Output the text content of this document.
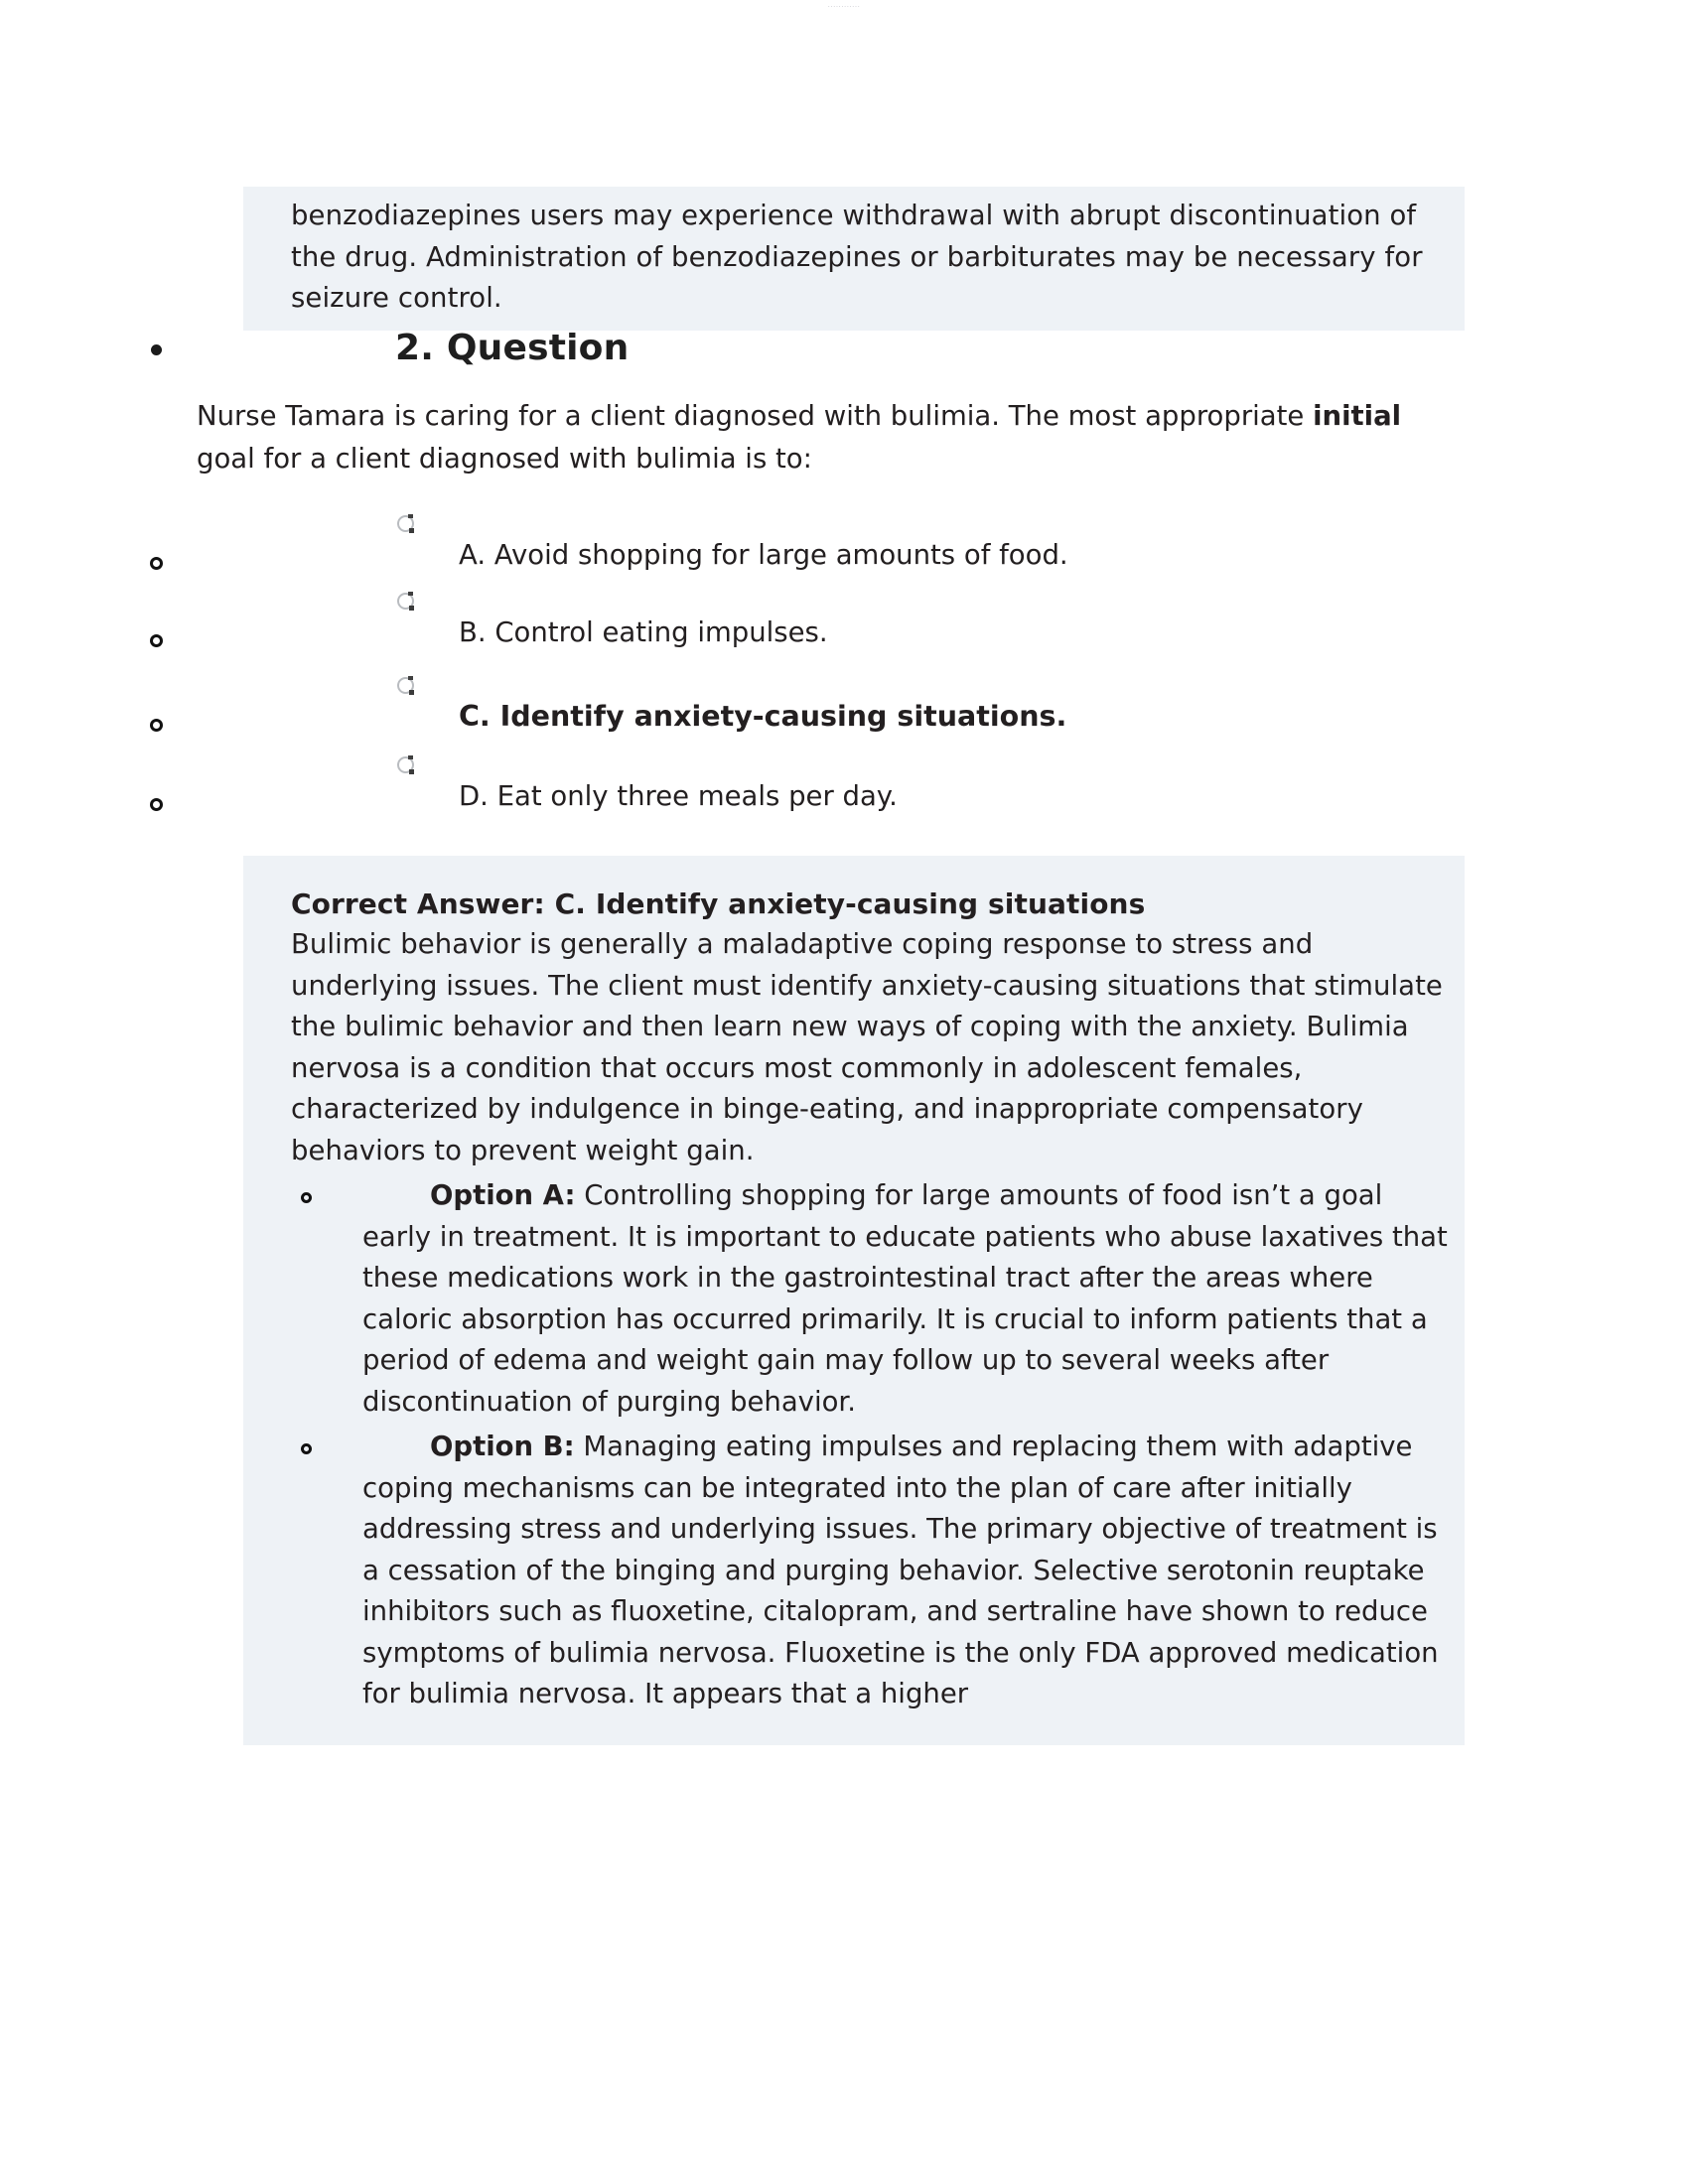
............
benzodiazepines users may experience withdrawal with abrupt discontinuation of the drug. Administration of benzodiazepines or barbiturates may be necessary for seizure control.
2. Question
Nurse Tamara is caring for a client diagnosed with bulimia. The most appropriate initial goal for a client diagnosed with bulimia is to:
A. Avoid shopping for large amounts of food.
B. Control eating impulses.
C. Identify anxiety-causing situations.
D. Eat only three meals per day.
Correct Answer: C. Identify anxiety-causing situations
Bulimic behavior is generally a maladaptive coping response to stress and underlying issues. The client must identify anxiety-causing situations that stimulate the bulimic behavior and then learn new ways of coping with the anxiety. Bulimia nervosa is a condition that occurs most commonly in adolescent females, characterized by indulgence in binge-eating, and inappropriate compensatory behaviors to prevent weight gain.
Option A: Controlling shopping for large amounts of food isn’t a goal early in treatment. It is important to educate patients who abuse laxatives that these medications work in the gastrointestinal tract after the areas where caloric absorption has occurred primarily. It is crucial to inform patients that a period of edema and weight gain may follow up to several weeks after discontinuation of purging behavior.
Option B: Managing eating impulses and replacing them with adaptive coping mechanisms can be integrated into the plan of care after initially addressing stress and underlying issues. The primary objective of treatment is a cessation of the binging and purging behavior. Selective serotonin reuptake inhibitors such as fluoxetine, citalopram, and sertraline have shown to reduce symptoms of bulimia nervosa. Fluoxetine is the only FDA approved medication for bulimia nervosa. It appears that a higher
